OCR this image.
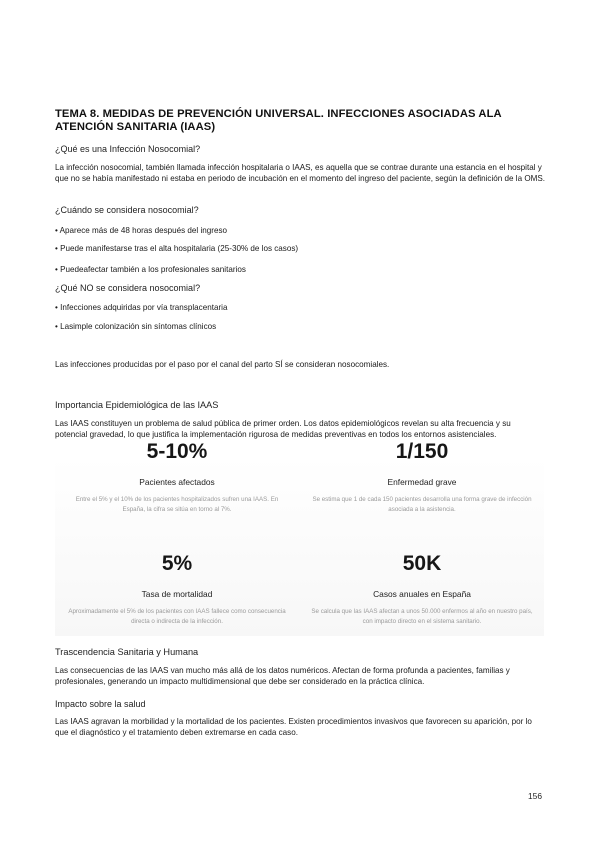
TEMA 8. MEDIDAS DE PREVENCIÓN UNIVERSAL. INFECCIONES ASOCIADAS ALA ATENCIÓN SANITARIA (IAAS)
¿Qué es una Infección Nosocomial?
La infección nosocomial, también llamada infección hospitalaria o IAAS, es aquella que se contrae durante una estancia en el hospital y que no se había manifestado ni estaba en periodo de incubación en el momento del ingreso del paciente, según la definición de la OMS.
¿Cuándo se considera nosocomial?
• Aparece más de 48 horas después del ingreso
• Puede manifestarse tras el alta hospitalaria (25-30% de los casos)
• Puedeafectar también a los profesionales sanitarios
¿Qué NO se considera nosocomial?
• Infecciones adquiridas por vía transplacentaria
• Lasimple colonización sin síntomas clínicos
Las infecciones producidas por el paso por el canal del parto SÍ se consideran nosocomiales.
Importancia Epidemiológica de las IAAS
Las IAAS constituyen un problema de salud pública de primer orden. Los datos epidemiológicos revelan su alta frecuencia y su potencial gravedad, lo que justifica la implementación rigurosa de medidas preventivas en todos los entornos asistenciales.
5-10%
Pacientes afectados
Entre el 5% y el 10% de los pacientes hospitalizados sufren una IAAS. En España, la cifra se sitúa en torno al 7%.
1/150
Enfermedad grave
Se estima que 1 de cada 150 pacientes desarrolla una forma grave de infección asociada a la asistencia.
5%
Tasa de mortalidad
Aproximadamente el 5% de los pacientes con IAAS fallece como consecuencia directa o indirecta de la infección.
50K
Casos anuales en España
Se calcula que las IAAS afectan a unos 50.000 enfermos al año en nuestro país, con impacto directo en el sistema sanitario.
Trascendencia Sanitaria y Humana
Las consecuencias de las IAAS van mucho más allá de los datos numéricos. Afectan de forma profunda a pacientes, familias y profesionales, generando un impacto multidimensional que debe ser considerado en la práctica clínica.
Impacto sobre la salud
Las IAAS agravan la morbilidad y la mortalidad de los pacientes. Existen procedimientos invasivos que favorecen su aparición, por lo que el diagnóstico y el tratamiento deben extremarse en cada caso.
156
